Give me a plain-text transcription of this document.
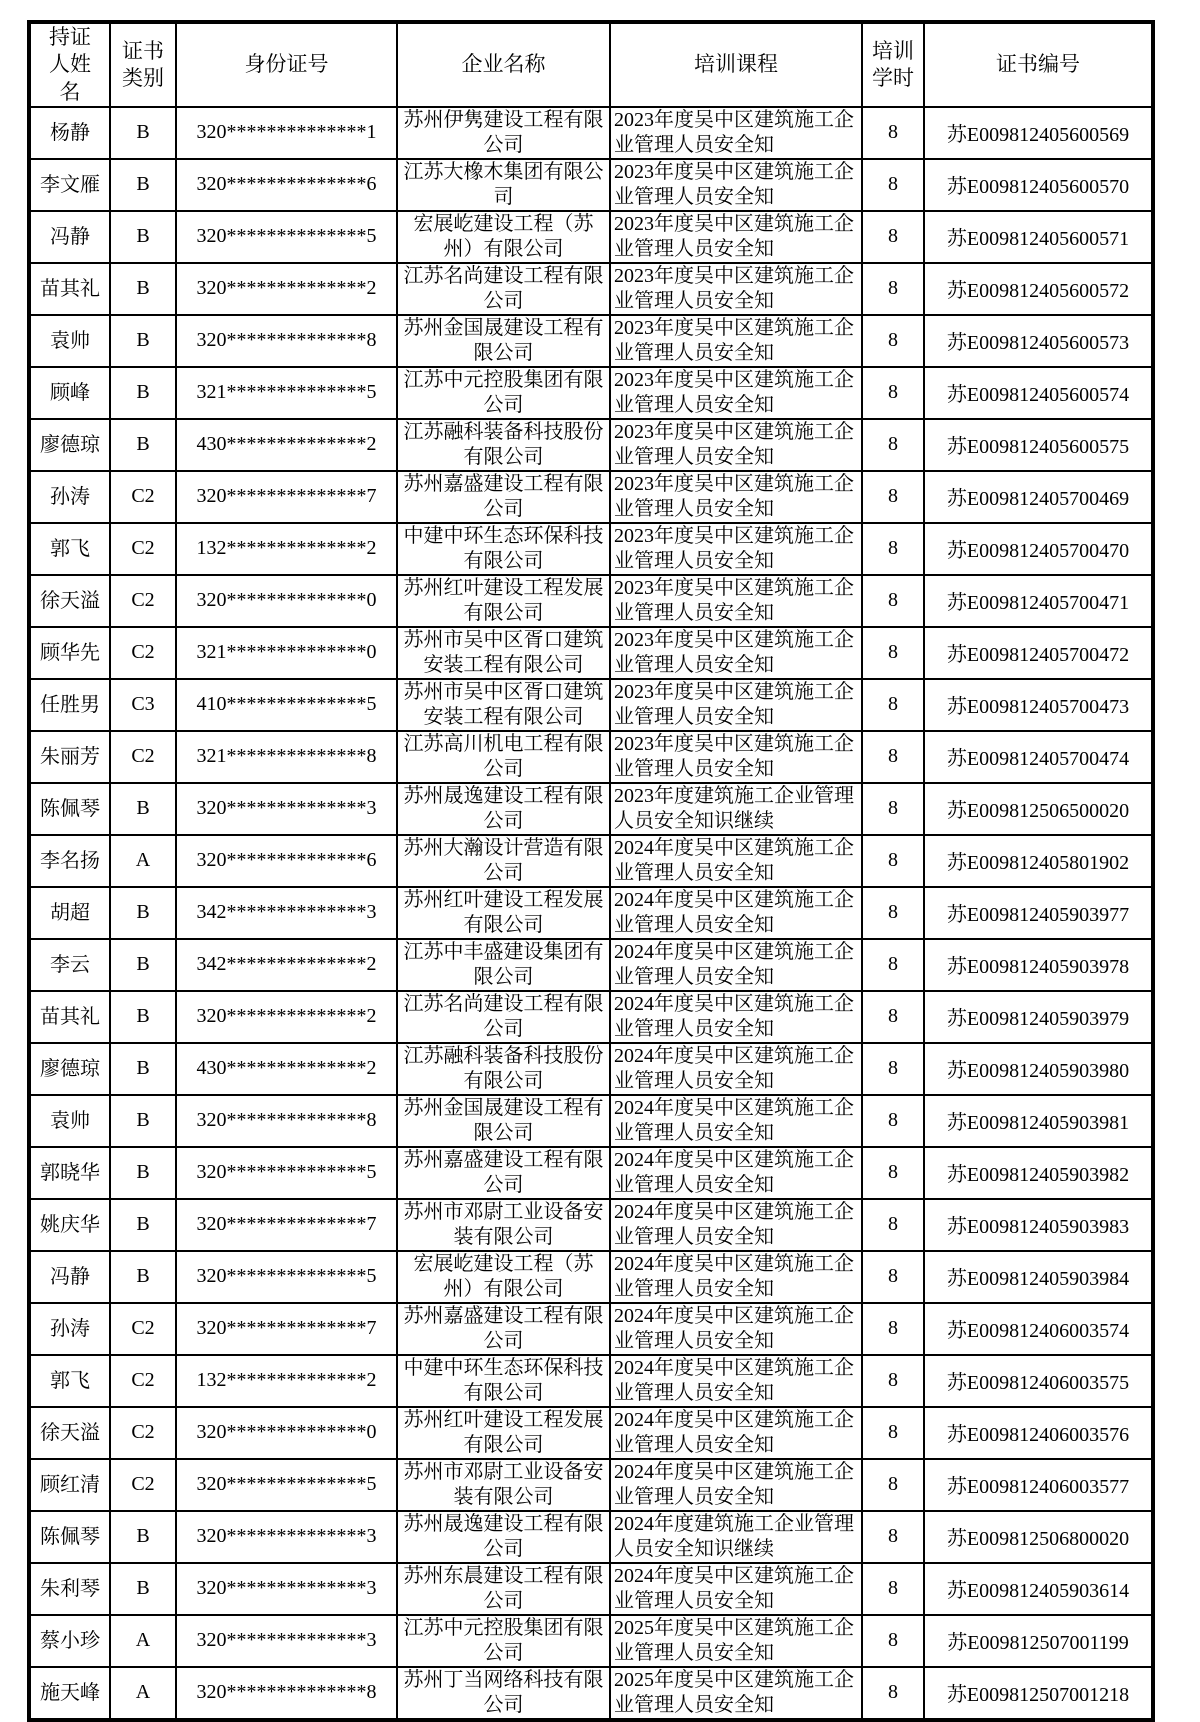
持证人姓名	证书类别	身份证号	企业名称	培训课程	培训学时	证书编号
杨静	B	320**************1	苏州伊隽建设工程有限公司	2023年度吴中区建筑施工企业管理人员安全知	8	苏E009812405600569
李文雁	B	320**************6	江苏大橡木集团有限公司	2023年度吴中区建筑施工企业管理人员安全知	8	苏E009812405600570
冯静	B	320**************5	宏展屹建设工程（苏州）有限公司	2023年度吴中区建筑施工企业管理人员安全知	8	苏E009812405600571
苗其礼	B	320**************2	江苏名尚建设工程有限公司	2023年度吴中区建筑施工企业管理人员安全知	8	苏E009812405600572
袁帅	B	320**************8	苏州金国晟建设工程有限公司	2023年度吴中区建筑施工企业管理人员安全知	8	苏E009812405600573
顾峰	B	321**************5	江苏中元控股集团有限公司	2023年度吴中区建筑施工企业管理人员安全知	8	苏E009812405600574
廖德琼	B	430**************2	江苏融科装备科技股份有限公司	2023年度吴中区建筑施工企业管理人员安全知	8	苏E009812405600575
孙涛	C2	320**************7	苏州嘉盛建设工程有限公司	2023年度吴中区建筑施工企业管理人员安全知	8	苏E009812405700469
郭飞	C2	132**************2	中建中环生态环保科技有限公司	2023年度吴中区建筑施工企业管理人员安全知	8	苏E009812405700470
徐天溢	C2	320**************0	苏州红叶建设工程发展有限公司	2023年度吴中区建筑施工企业管理人员安全知	8	苏E009812405700471
顾华先	C2	321**************0	苏州市吴中区胥口建筑安装工程有限公司	2023年度吴中区建筑施工企业管理人员安全知	8	苏E009812405700472
任胜男	C3	410**************5	苏州市吴中区胥口建筑安装工程有限公司	2023年度吴中区建筑施工企业管理人员安全知	8	苏E009812405700473
朱丽芳	C2	321**************8	江苏高川机电工程有限公司	2023年度吴中区建筑施工企业管理人员安全知	8	苏E009812405700474
陈佩琴	B	320**************3	苏州晟逸建设工程有限公司	2023年度建筑施工企业管理人员安全知识继续	8	苏E009812506500020
李名扬	A	320**************6	苏州大瀚设计营造有限公司	2024年度吴中区建筑施工企业管理人员安全知	8	苏E009812405801902
胡超	B	342**************3	苏州红叶建设工程发展有限公司	2024年度吴中区建筑施工企业管理人员安全知	8	苏E009812405903977
李云	B	342**************2	江苏中丰盛建设集团有限公司	2024年度吴中区建筑施工企业管理人员安全知	8	苏E009812405903978
苗其礼	B	320**************2	江苏名尚建设工程有限公司	2024年度吴中区建筑施工企业管理人员安全知	8	苏E009812405903979
廖德琼	B	430**************2	江苏融科装备科技股份有限公司	2024年度吴中区建筑施工企业管理人员安全知	8	苏E009812405903980
袁帅	B	320**************8	苏州金国晟建设工程有限公司	2024年度吴中区建筑施工企业管理人员安全知	8	苏E009812405903981
郭晓华	B	320**************5	苏州嘉盛建设工程有限公司	2024年度吴中区建筑施工企业管理人员安全知	8	苏E009812405903982
姚庆华	B	320**************7	苏州市邓尉工业设备安装有限公司	2024年度吴中区建筑施工企业管理人员安全知	8	苏E009812405903983
冯静	B	320**************5	宏展屹建设工程（苏州）有限公司	2024年度吴中区建筑施工企业管理人员安全知	8	苏E009812405903984
孙涛	C2	320**************7	苏州嘉盛建设工程有限公司	2024年度吴中区建筑施工企业管理人员安全知	8	苏E009812406003574
郭飞	C2	132**************2	中建中环生态环保科技有限公司	2024年度吴中区建筑施工企业管理人员安全知	8	苏E009812406003575
徐天溢	C2	320**************0	苏州红叶建设工程发展有限公司	2024年度吴中区建筑施工企业管理人员安全知	8	苏E009812406003576
顾红清	C2	320**************5	苏州市邓尉工业设备安装有限公司	2024年度吴中区建筑施工企业管理人员安全知	8	苏E009812406003577
陈佩琴	B	320**************3	苏州晟逸建设工程有限公司	2024年度建筑施工企业管理人员安全知识继续	8	苏E009812506800020
朱利琴	B	320**************3	苏州东晨建设工程有限公司	2024年度吴中区建筑施工企业管理人员安全知	8	苏E009812405903614
蔡小珍	A	320**************3	江苏中元控股集团有限公司	2025年度吴中区建筑施工企业管理人员安全知	8	苏E009812507001199
施天峰	A	320**************8	苏州丁当网络科技有限公司	2025年度吴中区建筑施工企业管理人员安全知	8	苏E009812507001218
